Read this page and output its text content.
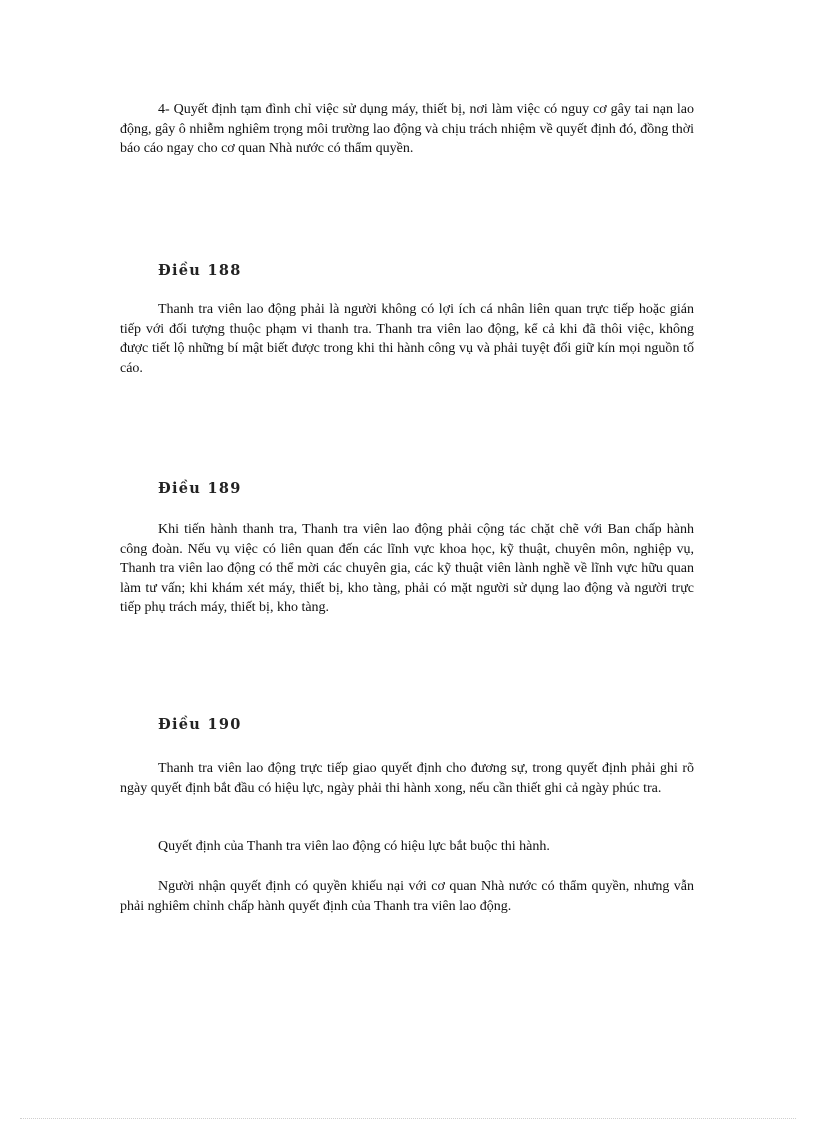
4- Quyết định tạm đình chỉ việc sử dụng máy, thiết bị, nơi làm việc có nguy cơ gây tai nạn lao động, gây ô nhiễm nghiêm trọng môi trường lao động và chịu trách nhiệm về quyết định đó, đồng thời báo cáo ngay cho cơ quan Nhà nước có thẩm quyền.

Điều 188

Thanh tra viên lao động phải là người không có lợi ích cá nhân liên quan trực tiếp hoặc gián tiếp với đối tượng thuộc phạm vi thanh tra. Thanh tra viên lao động, kể cả khi đã thôi việc, không được tiết lộ những bí mật biết được trong khi thi hành công vụ và phải tuyệt đối giữ kín mọi nguồn tố cáo.

Điều 189

Khi tiến hành thanh tra, Thanh tra viên lao động phải cộng tác chặt chẽ với Ban chấp hành công đoàn. Nếu vụ việc có liên quan đến các lĩnh vực khoa học, kỹ thuật, chuyên môn, nghiệp vụ, Thanh tra viên lao động có thể mời các chuyên gia, các kỹ thuật viên lành nghề về lĩnh vực hữu quan làm tư vấn; khi khám xét máy, thiết bị, kho tàng, phải có mặt người sử dụng lao động và người trực tiếp phụ trách máy, thiết bị, kho tàng.

Điều 190

Thanh tra viên lao động trực tiếp giao quyết định cho đương sự, trong quyết định phải ghi rõ ngày quyết định bắt đầu có hiệu lực, ngày phải thi hành xong, nếu cần thiết ghi cả ngày phúc tra.

Quyết định của Thanh tra viên lao động có hiệu lực bắt buộc thi hành.

Người nhận quyết định có quyền khiếu nại với cơ quan Nhà nước có thẩm quyền, nhưng vẫn phải nghiêm chỉnh chấp hành quyết định của Thanh tra viên lao động.
